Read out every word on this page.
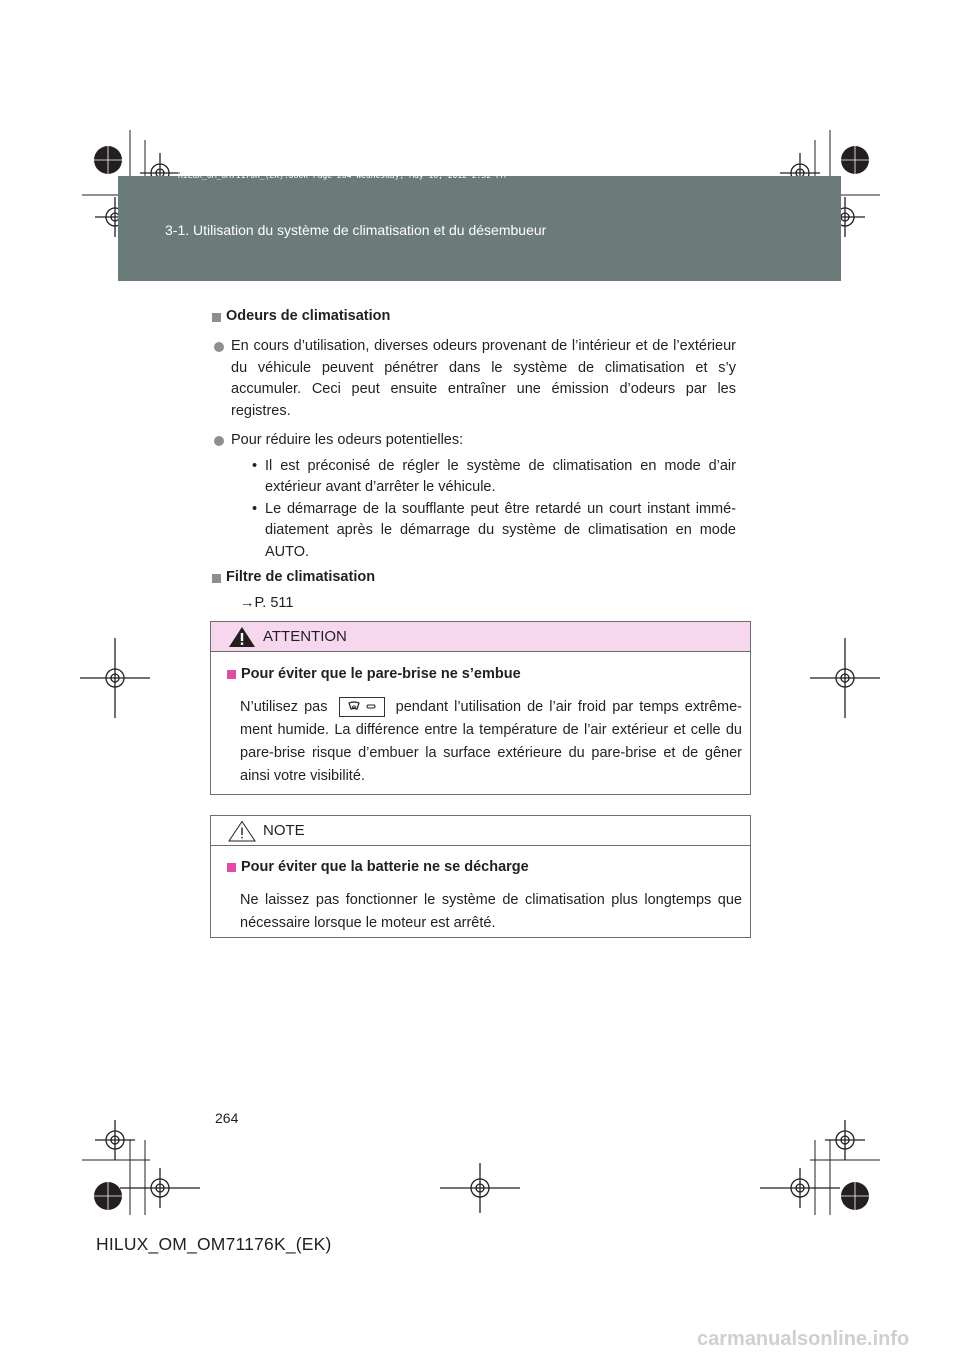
HILUX_OM_OM71176K_(EK).book Page 264 Wednesday, May 16, 2012 2:32 PM
3-1. Utilisation du système de climatisation et du désembueur
Odeurs de climatisation
En cours d’utilisation, diverses odeurs provenant de l’intérieur et de l’extérieur du véhicule peuvent pénétrer dans le système de climatisation et s’y accumuler. Ceci peut ensuite entraîner une émission d’odeurs par les registres.
Pour réduire les odeurs potentielles:
• Il est préconisé de régler le système de climatisation en mode d’air extérieur avant d’arrêter le véhicule.
• Le démarrage de la soufflante peut être retardé un court instant immé-diatement après le démarrage du système de climatisation en mode AUTO.
Filtre de climatisation
→P. 511
ATTENTION
Pour éviter que le pare-brise ne s’embue
N’utilisez pas	pendant l’utilisation de l’air froid par temps extrême-ment humide. La différence entre la température de l’air extérieur et celle du pare-brise risque d’embuer la surface extérieure du pare-brise et de gêner ainsi votre visibilité.
NOTE
Pour éviter que la batterie ne se décharge
Ne laissez pas fonctionner le système de climatisation plus longtemps que nécessaire lorsque le moteur est arrêté.
264
HILUX_OM_OM71176K_(EK)
carmanualsonline.info
